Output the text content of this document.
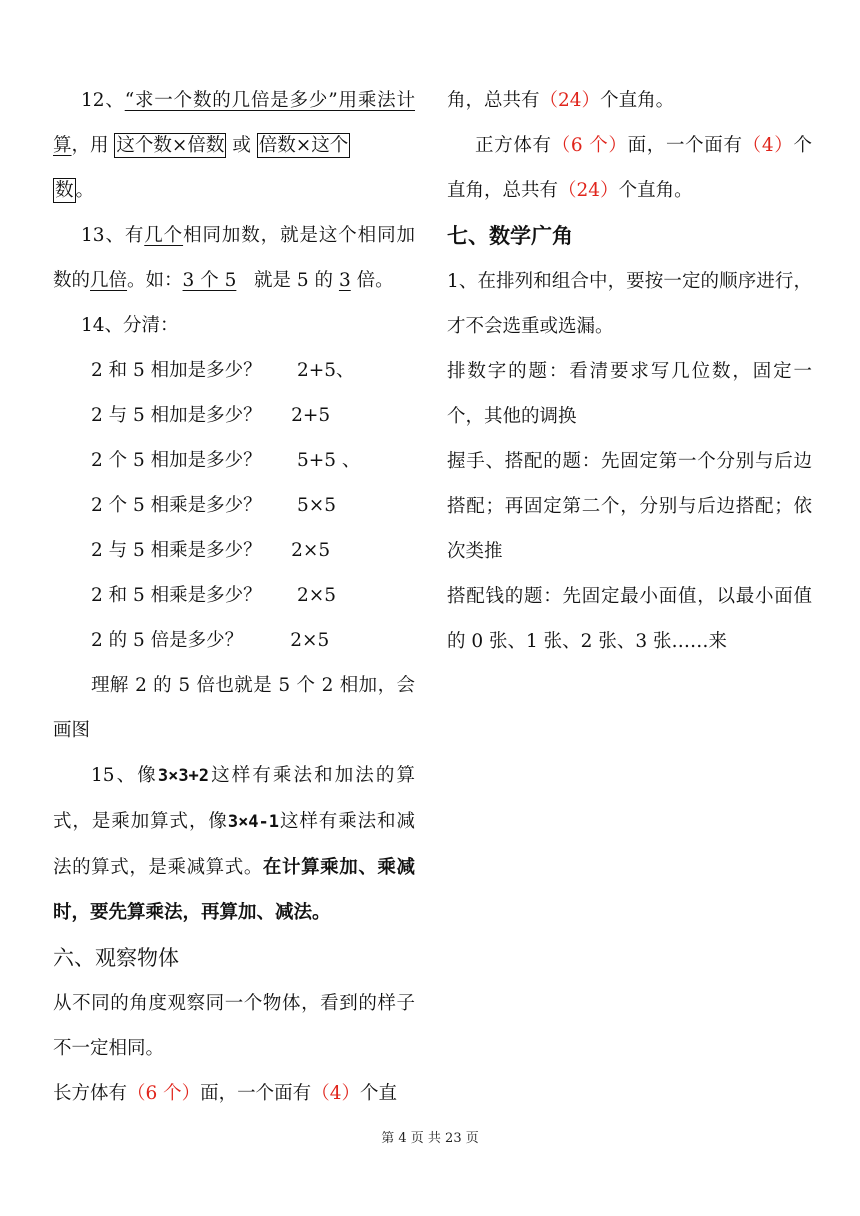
12、“求一个数的几倍是多少”用乘法计算，用 这个数×倍数 或 倍数×这个
数 。

13、有几个相同加数，就是这个相同加数的几倍。如：3 个 5 就是 5 的 3 倍。

14、分清：

2 和 5 相加是多少？      2+5、

2 与 5 相加是多少？     2+5

2 个 5 相加是多少？      5+5 、

2 个 5 相乘是多少？      5×5

2 与 5 相乘是多少？     2×5

2 和 5 相乘是多少？      2×5

2 的 5 倍是多少？        2×5

理解 2 的 5 倍也就是 5 个 2 相加，会画图

15、像3×3+2这样有乘法和加法的算式，是乘加算式，像3×4-1这样有乘法和减法的算式，是乘减算式。在计算乘加、乘减时，要先算乘法，再算加、减法。

六、观察物体

从不同的角度观察同一个物体，看到的样子不一定相同。

长方体有（6 个）面，一个面有（4）个直

角，总共有（24）个直角。

正方体有（6 个）面，一个面有（4）个直角，总共有（24）个直角。

七、数学广角

1、在排列和组合中，要按一定的顺序进行，才不会选重或选漏。

排数字的题：看清要求写几位数，固定一个，其他的调换

握手、搭配的题：先固定第一个分别与后边搭配；再固定第二个，分别与后边搭配；依次类推

搭配钱的题：先固定最小面值，以最小面值的 0 张、1 张、2 张、3 张……来

第 4 页 共 23 页
